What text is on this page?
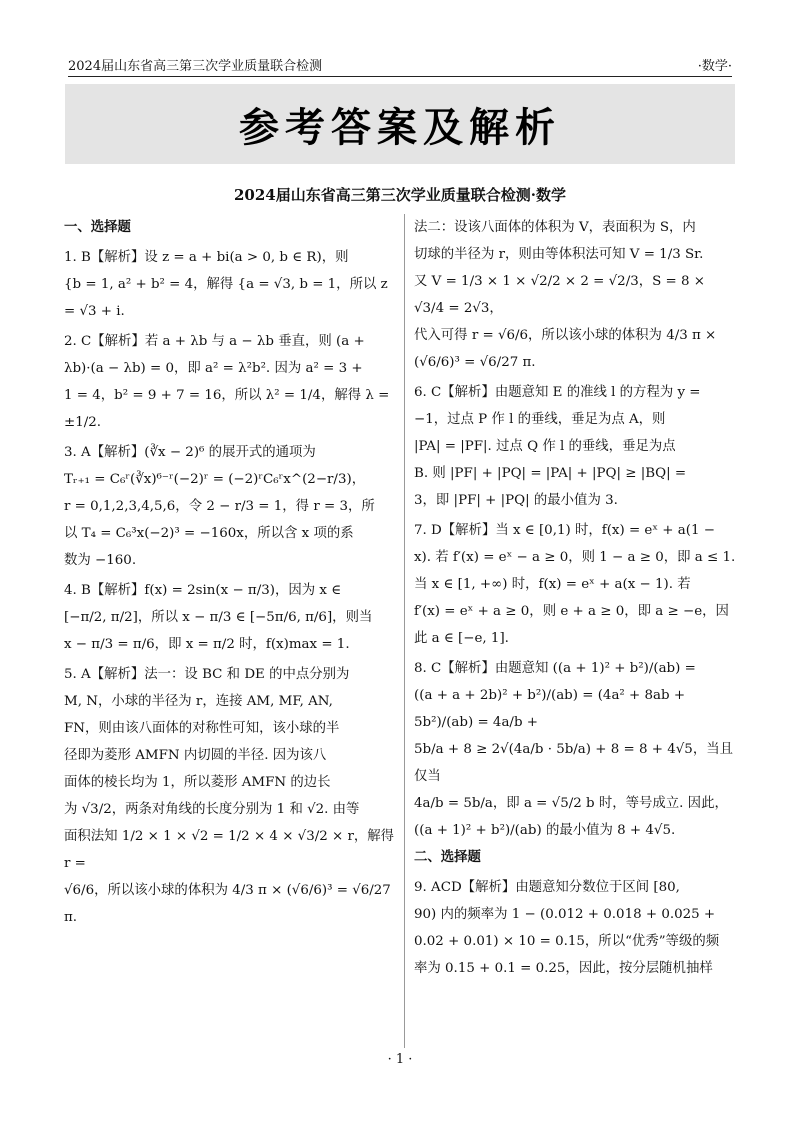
2024届山东省高三第三次学业质量联合检测	·数学·
参考答案及解析
2024届山东省高三第三次学业质量联合检测·数学
一、选择题
1. B【解析】设 z = a + bi(a > 0, b ∈ R)，则
{b = 1, a² + b² = 4，解得 {a = √3, b = 1，所以 z = √3 + i.
2. C【解析】若 a + λb 与 a − λb 垂直，则 (a +
λb)·(a − λb) = 0，即 a² = λ²b². 因为 a² = 3 +
1 = 4，b² = 9 + 7 = 16，所以 λ² = 1/4，解得 λ =
±1/2.
3. A【解析】(∛x − 2)⁶ 的展开式的通项为
Tᵣ₊₁ = C₆ʳ(∛x)⁶⁻ʳ(−2)ʳ = (−2)ʳC₆ʳx^(2−r/3)，
r = 0,1,2,3,4,5,6，令 2 − r/3 = 1，得 r = 3，所
以 T₄ = C₆³x(−2)³ = −160x，所以含 x 项的系
数为 −160.
4. B【解析】f(x) = 2sin(x − π/3)，因为 x ∈
[−π/2, π/2]，所以 x − π/3 ∈ [−5π/6, π/6]，则当
x − π/3 = π/6，即 x = π/2 时，f(x)max = 1.
5. A【解析】法一：设 BC 和 DE 的中点分别为
M, N，小球的半径为 r，连接 AM, MF, AN,
FN，则由该八面体的对称性可知，该小球的半
径即为菱形 AMFN 内切圆的半径. 因为该八
面体的棱长均为 1，所以菱形 AMFN 的边长
为 √3/2，两条对角线的长度分别为 1 和 √2. 由等
面积法知 1/2 × 1 × √2 = 1/2 × 4 × √3/2 × r，解得 r =
√6/6，所以该小球的体积为 4/3 π × (√6/6)³ = √6/27 π.
法二：设该八面体的体积为 V，表面积为 S，内
切球的半径为 r，则由等体积法可知 V = 1/3 Sr.
又 V = 1/3 × 1 × √2/2 × 2 = √2/3，S = 8 × √3/4 = 2√3，
代入可得 r = √6/6，所以该小球的体积为 4/3 π ×
(√6/6)³ = √6/27 π.
6. C【解析】由题意知 E 的准线 l 的方程为 y =
−1，过点 P 作 l 的垂线，垂足为点 A，则
|PA| = |PF|. 过点 Q 作 l 的垂线，垂足为点
B. 则 |PF| + |PQ| = |PA| + |PQ| ≥ |BQ| =
3，即 |PF| + |PQ| 的最小值为 3.
7. D【解析】当 x ∈ [0,1) 时，f(x) = eˣ + a(1 −
x). 若 f′(x) = eˣ − a ≥ 0，则 1 − a ≥ 0，即 a ≤ 1.
当 x ∈ [1, +∞) 时，f(x) = eˣ + a(x − 1). 若
f′(x) = eˣ + a ≥ 0，则 e + a ≥ 0，即 a ≥ −e，因
此 a ∈ [−e, 1].
8. C【解析】由题意知 ((a + 1)² + b²)/(ab) =
((a + a + 2b)² + b²)/(ab) = (4a² + 8ab + 5b²)/(ab) = 4a/b +
5b/a + 8 ≥ 2√(4a/b · 5b/a) + 8 = 8 + 4√5，当且仅当
4a/b = 5b/a，即 a = √5/2 b 时，等号成立. 因此，
((a + 1)² + b²)/(ab) 的最小值为 8 + 4√5.
二、选择题
9. ACD【解析】由题意知分数位于区间 [80,
90) 内的频率为 1 − (0.012 + 0.018 + 0.025 +
0.02 + 0.01) × 10 = 0.15，所以“优秀”等级的频
率为 0.15 + 0.1 = 0.25，因此，按分层随机抽样
· 1 ·
